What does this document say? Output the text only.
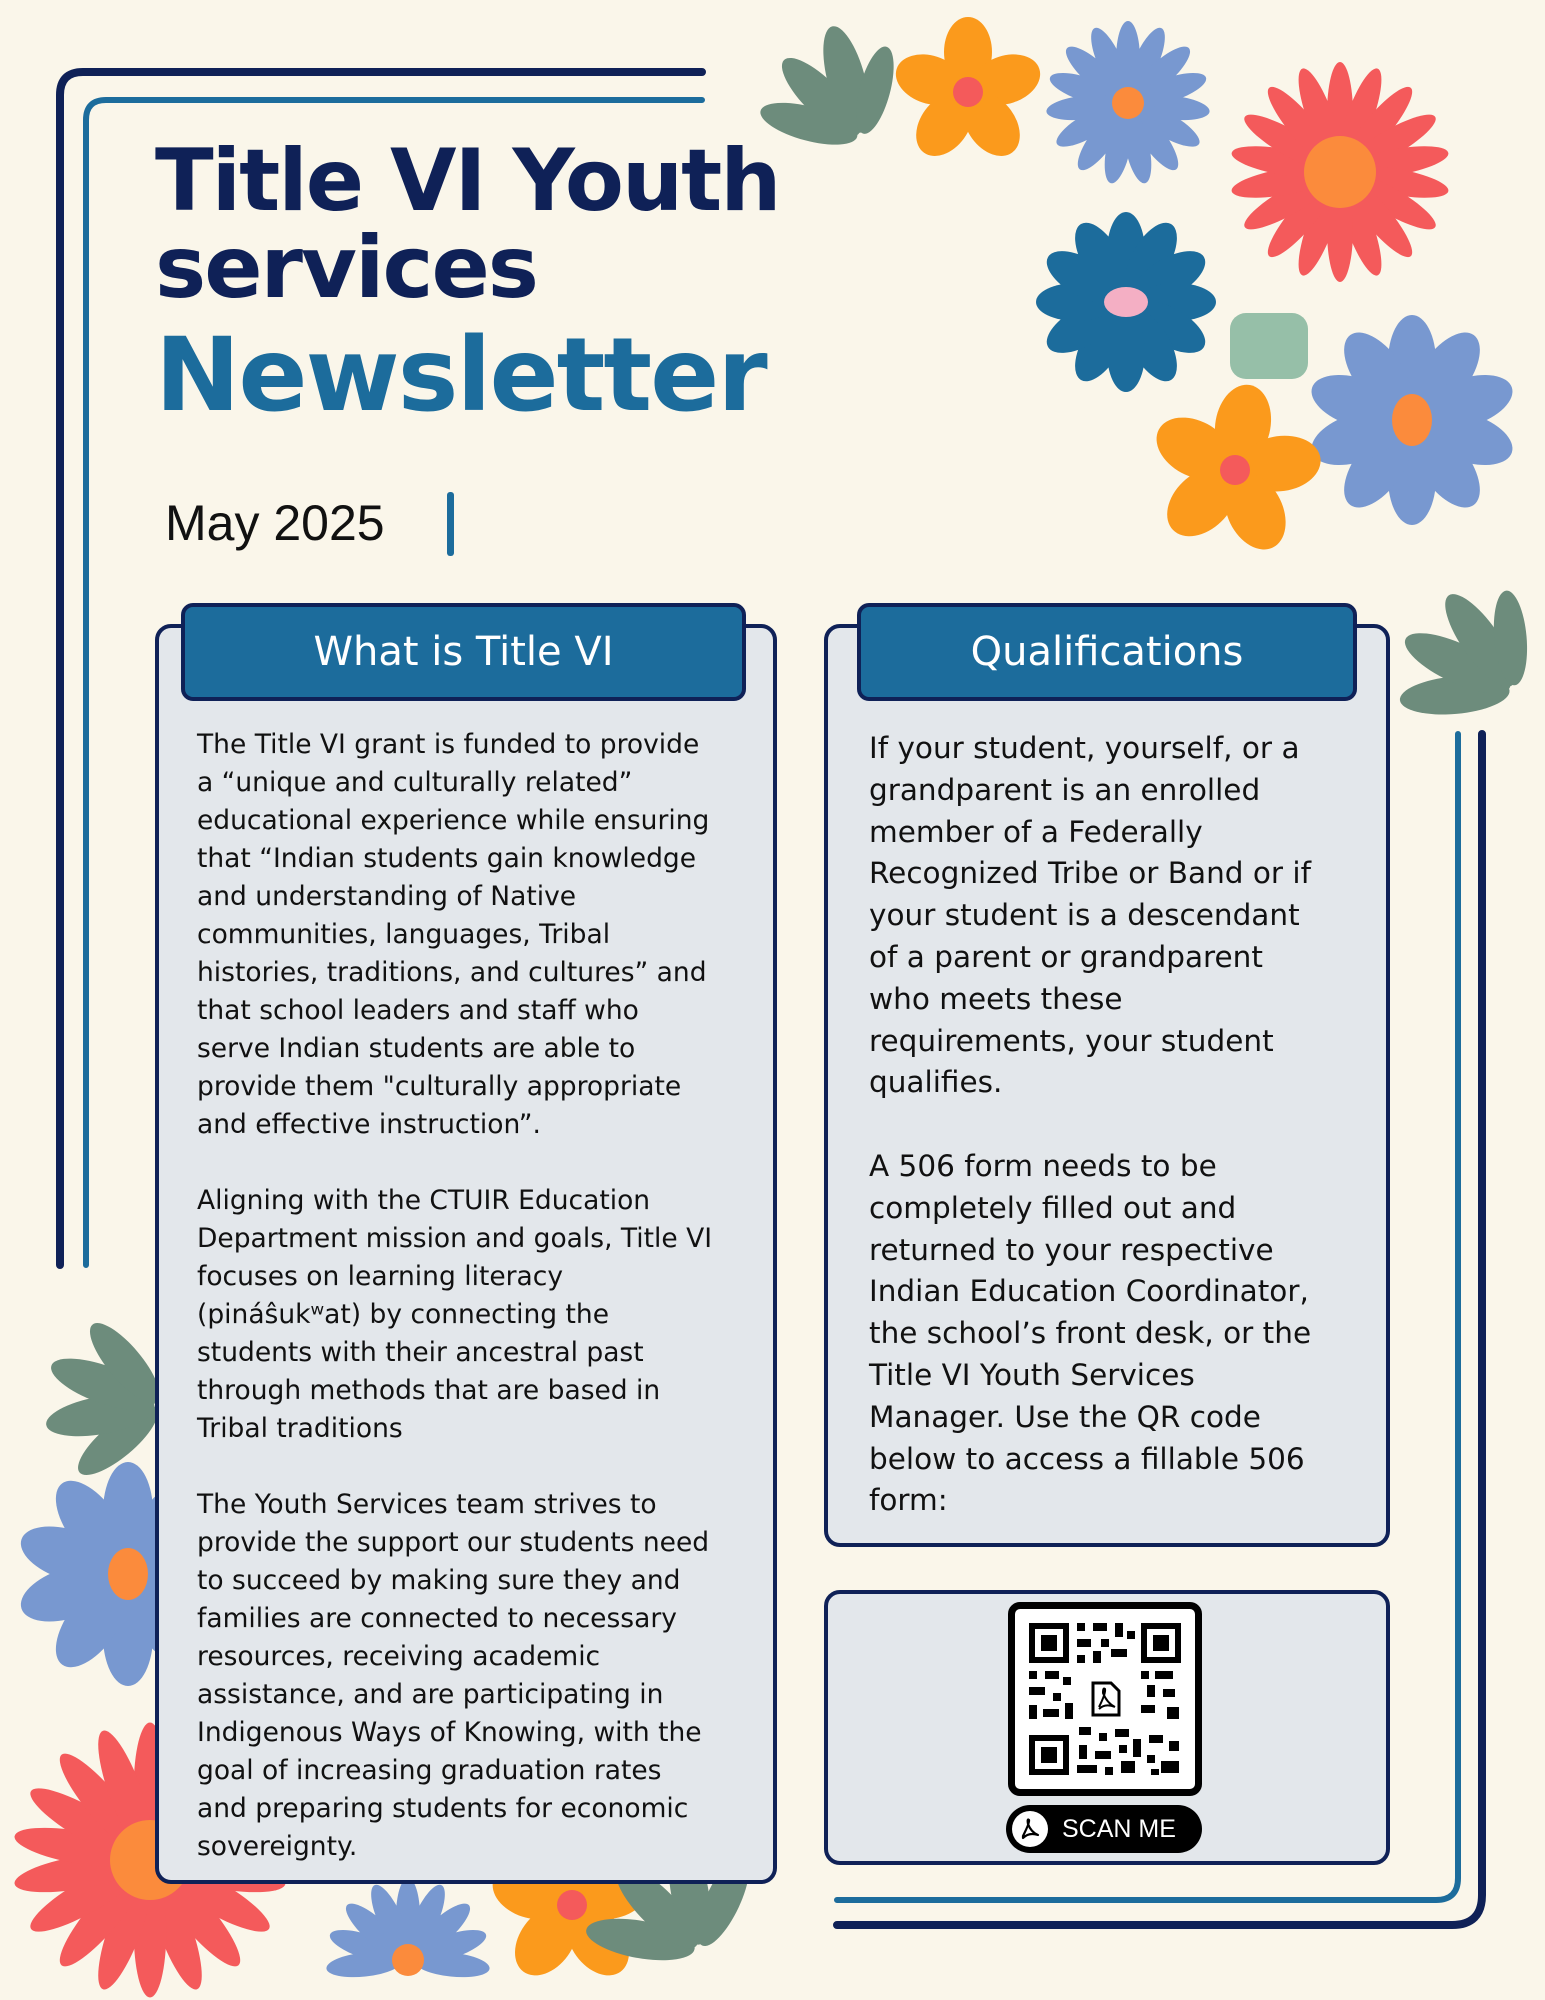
Title VI Youth
services
Newsletter
May 2025
What is Title VI

The Title VI grant is funded to provide
a “unique and culturally related”
educational experience while ensuring
that “Indian students gain knowledge
and understanding of Native
communities, languages, Tribal
histories, traditions, and cultures” and
that school leaders and staff who
serve Indian students are able to
provide them "culturally appropriate
and effective instruction”.

Aligning with the CTUIR Education
Department mission and goals, Title VI
focuses on learning literacy
(pináŝukʷat) by connecting the
students with their ancestral past
through methods that are based in
Tribal traditions

The Youth Services team strives to
provide the support our students need
to succeed by making sure they and
families are connected to necessary
resources, receiving academic
assistance, and are participating in
Indigenous Ways of Knowing, with the
goal of increasing graduation rates
and preparing students for economic
sovereignty.

Qualifications

If your student, yourself, or a
grandparent is an enrolled
member of a Federally
Recognized Tribe or Band or if
your student is a descendant
of a parent or grandparent
who meets these
requirements, your student
qualifies.

A 506 form needs to be
completely filled out and
returned to your respective
Indian Education Coordinator,
the school’s front desk, or the
Title VI Youth Services
Manager. Use the QR code
below to access a fillable 506
form:

SCAN ME
